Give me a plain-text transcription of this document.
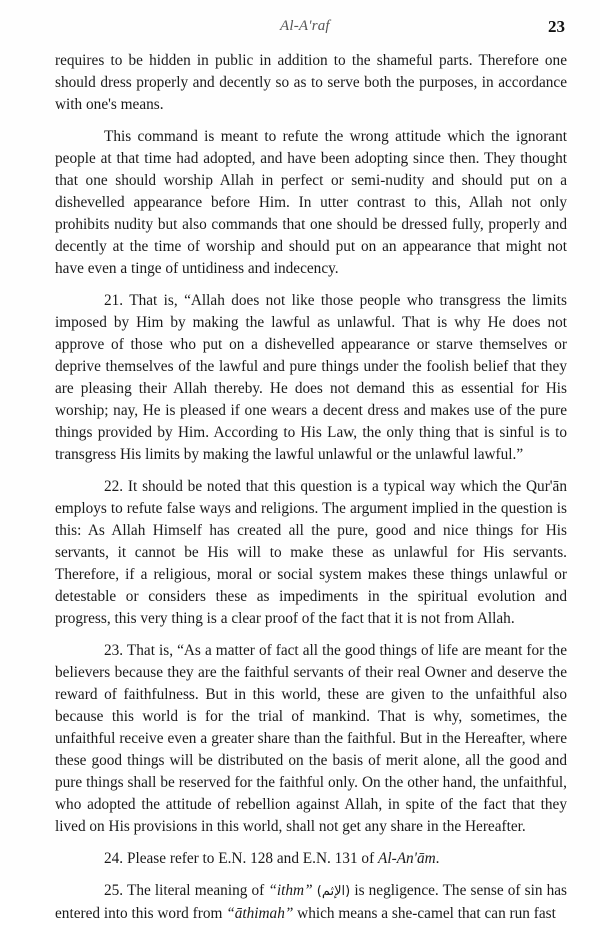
Al-A'raf	23

requires to be hidden in public in addition to the shameful parts. Therefore one should dress properly and decently so as to serve both the purposes, in accordance with one's means.

This command is meant to refute the wrong attitude which the ignorant people at that time had adopted, and have been adopting since then. They thought that one should worship Allah in perfect or semi-nudity and should put on a dishevelled appearance before Him. In utter contrast to this, Allah not only prohibits nudity but also commands that one should be dressed fully, properly and decently at the time of worship and should put on an appearance that might not have even a tinge of untidiness and indecency.

21. That is, “Allah does not like those people who transgress the limits imposed by Him by making the lawful as unlawful. That is why He does not approve of those who put on a dishevelled appearance or starve themselves or deprive themselves of the lawful and pure things under the foolish belief that they are pleasing their Allah thereby. He does not demand this as essential for His worship; nay, He is pleased if one wears a decent dress and makes use of the pure things provided by Him. According to His Law, the only thing that is sinful is to transgress His limits by making the lawful unlawful or the unlawful lawful.”

22. It should be noted that this question is a typical way which the Qur'ān employs to refute false ways and religions. The argument implied in the question is this: As Allah Himself has created all the pure, good and nice things for His servants, it cannot be His will to make these as unlawful for His servants. Therefore, if a religious, moral or social system makes these things unlawful or detestable or considers these as impediments in the spiritual evolution and progress, this very thing is a clear proof of the fact that it is not from Allah.

23. That is, “As a matter of fact all the good things of life are meant for the believers because they are the faithful servants of their real Owner and deserve the reward of faithfulness. But in this world, these are given to the unfaithful also because this world is for the trial of mankind. That is why, sometimes, the unfaithful receive even a greater share than the faithful. But in the Hereafter, where these good things will be distributed on the basis of merit alone, all the good and pure things shall be reserved for the faithful only. On the other hand, the unfaithful, who adopted the attitude of rebellion against Allah, in spite of the fact that they lived on His provisions in this world, shall not get any share in the Hereafter.

24. Please refer to E.N. 128 and E.N. 131 of Al-An'ām.

25. The literal meaning of “ithm” (الإثم) is negligence. The sense of sin has entered into this word from “āthimah” which means a she-camel that can run fast
